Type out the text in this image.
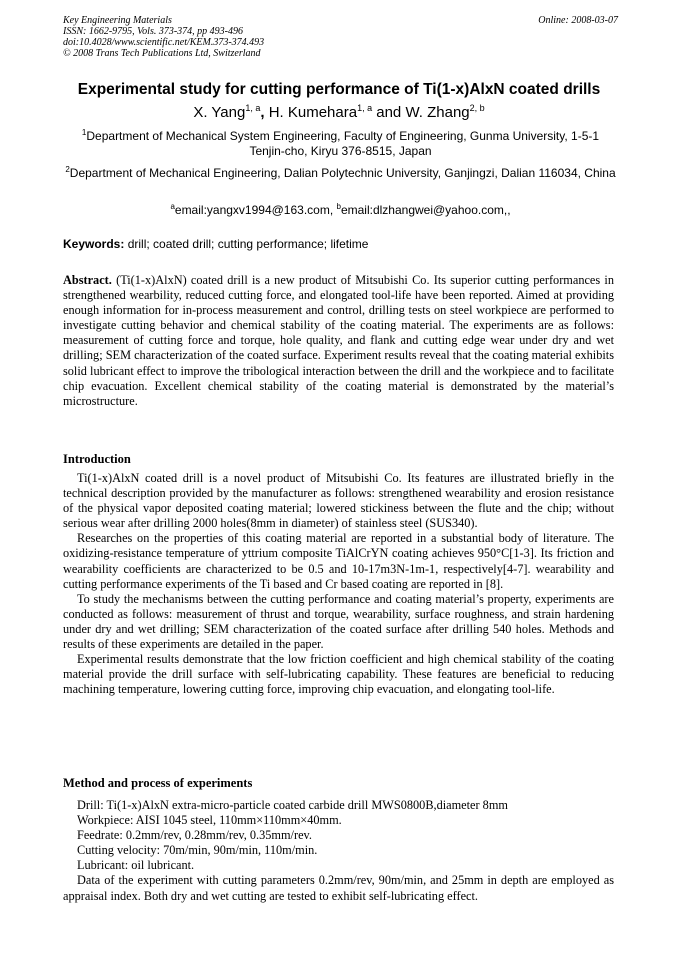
Key Engineering Materials
ISSN: 1662-9795, Vols. 373-374, pp 493-496
doi:10.4028/www.scientific.net/KEM.373-374.493
© 2008 Trans Tech Publications Ltd, Switzerland
Online: 2008-03-07
Experimental study for cutting performance of Ti(1-x)AlxN coated drills
X. Yang$^{1, a}$, H. Kumehara$^{1, a}$ and W. Zhang$^{2, b}$
$^1$Department of Mechanical System Engineering, Faculty of Engineering, Gunma University, 1-5-1 Tenjin-cho, Kiryu 376-8515, Japan
$^2$Department of Mechanical Engineering, Dalian Polytechnic University, Ganjingzi, Dalian 116034, China
$^a$email:yangxv1994@163.com, $^b$email:dlzhangwei@yahoo.com,,
Keywords: drill; coated drill; cutting performance; lifetime
Abstract. (Ti(1-x)AlxN) coated drill is a new product of Mitsubishi Co. Its superior cutting performances in strengthened wearbility, reduced cutting force, and elongated tool-life have been reported. Aimed at providing enough information for in-process measurement and control, drilling tests on steel workpiece are performed to investigate cutting behavior and chemical stability of the coating material. The experiments are as follows: measurement of cutting force and torque, hole quality, and flank and cutting edge wear under dry and wet drilling; SEM characterization of the coated surface. Experiment results reveal that the coating material exhibits solid lubricant effect to improve the tribological interaction between the drill and the workpiece and to facilitate chip evacuation. Excellent chemical stability of the coating material is demonstrated by the material’s microstructure.
Introduction

Ti(1-x)AlxN coated drill is a novel product of Mitsubishi Co. Its features are illustrated briefly in the technical description provided by the manufacturer as follows: strengthened wearability and erosion resistance of the physical vapor deposited coating material; lowered stickiness between the flute and the chip; without serious wear after drilling 2000 holes(8mm in diameter) of stainless steel (SUS340).

Researches on the properties of this coating material are reported in a substantial body of literature. The oxidizing-resistance temperature of yttrium composite TiAlCrYN coating achieves 950°C[1-3]. Its friction and wearability coefficients are characterized to be 0.5 and 10-17m3N-1m-1, respectively[4-7]. wearability and cutting performance experiments of the Ti based and Cr based coating are reported in [8].

To study the mechanisms between the cutting performance and coating material’s property, experiments are conducted as follows: measurement of thrust and torque, wearability, surface roughness, and strain hardening under dry and wet drilling; SEM characterization of the coated surface after drilling 540 holes. Methods and results of these experiments are detailed in the paper.

Experimental results demonstrate that the low friction coefficient and high chemical stability of the coating material provide the drill surface with self-lubricating capability. These features are beneficial to reducing machining temperature, lowering cutting force, improving chip evacuation, and elongating tool-life.

Method and process of experiments
Drill: Ti(1-x)AlxN extra-micro-particle coated carbide drill MWS0800B,diameter 8mm
Workpiece: AISI 1045 steel, 110mm×110mm×40mm.
Feedrate: 0.2mm/rev, 0.28mm/rev, 0.35mm/rev.
Cutting velocity: 70m/min, 90m/min, 110m/min.
Lubricant: oil lubricant.

Data of the experiment with cutting parameters 0.2mm/rev, 90m/min, and 25mm in depth are employed as appraisal index. Both dry and wet cutting are tested to exhibit self-lubricating effect.
